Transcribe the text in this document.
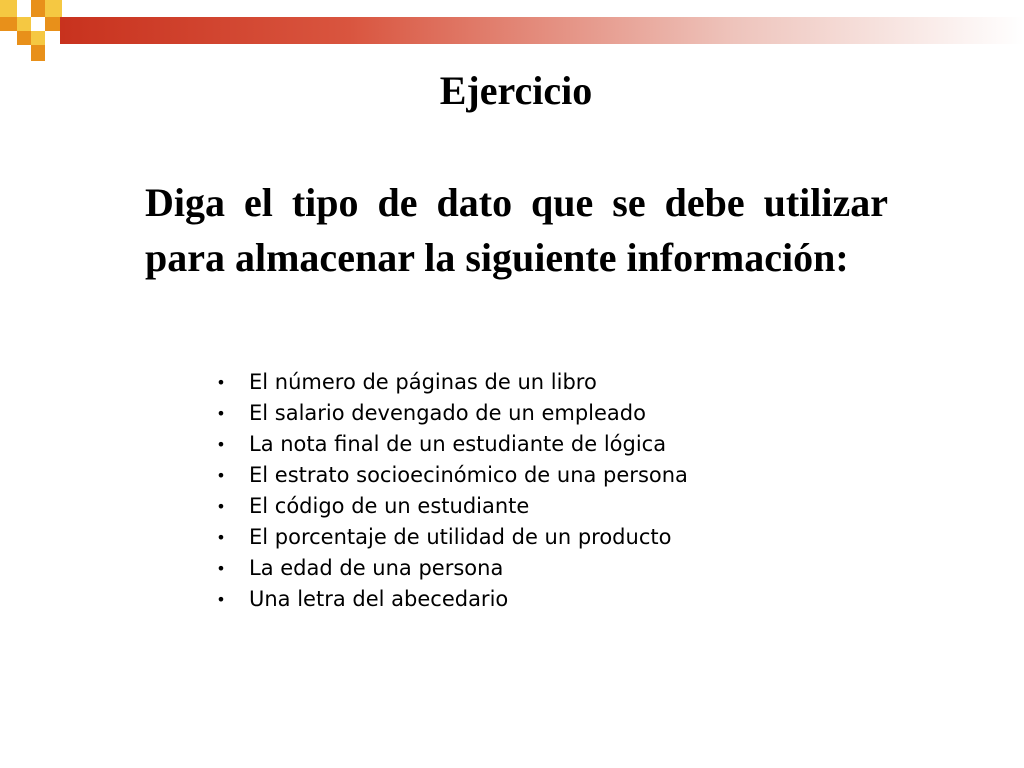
Ejercicio

Diga el tipo de dato que se debe utilizar para almacenar la siguiente información:

• El número de páginas de un libro
• El salario devengado de un empleado
• La nota final de un estudiante de lógica
• El estrato socioecinómico de una persona
• El código de un estudiante
• El porcentaje de utilidad de un producto
• La edad de una persona
• Una letra del abecedario
